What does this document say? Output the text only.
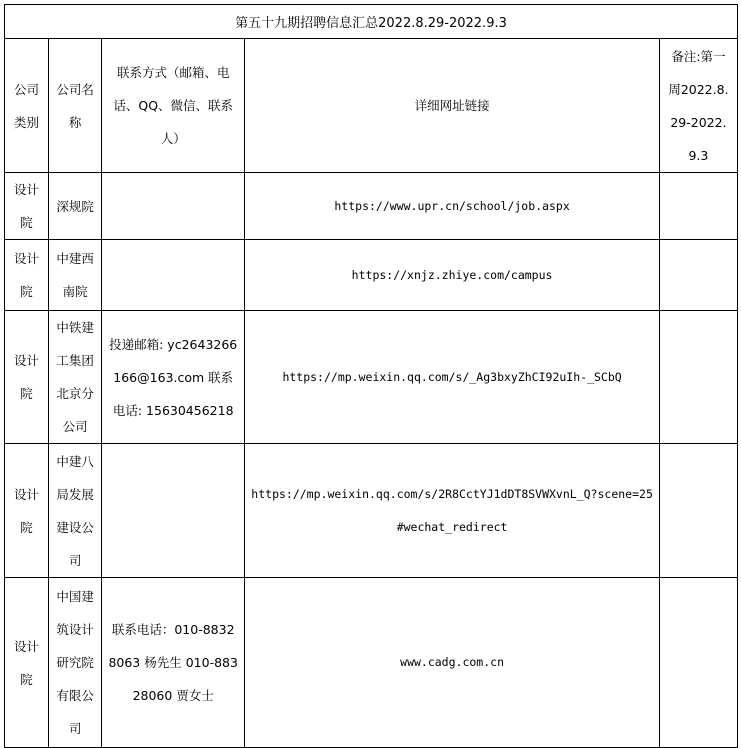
第五十九期招聘信息汇总2022.8.29-2022.9.3
公司类别	公司名称	联系方式（邮箱、电话、QQ、微信、联系人）	详细网址链接	备注:第一周2022.8.29-2022.9.3

设计院	深规院		https://www.upr.cn/school/job.aspx	

设计院	中建西南院		https://xnjz.zhiye.com/campus	

设计院	中铁建工集团北京分公司	投递邮箱: yc2643266166@163.com 联系电话: 15630456218	https://mp.weixin.qq.com/s/_Ag3bxyZhCI92uIh-_SCbQ	

设计院	中建八局发展建设公司		https://mp.weixin.qq.com/s/2R8CctYJ1dDT8SVWXvnL_Q?scene=25#wechat_redirect	

设计院	中国建筑设计研究院有限公司	联系电话：010-88328063 杨先生 010-88328060 贾女士	www.cadg.com.cn	
